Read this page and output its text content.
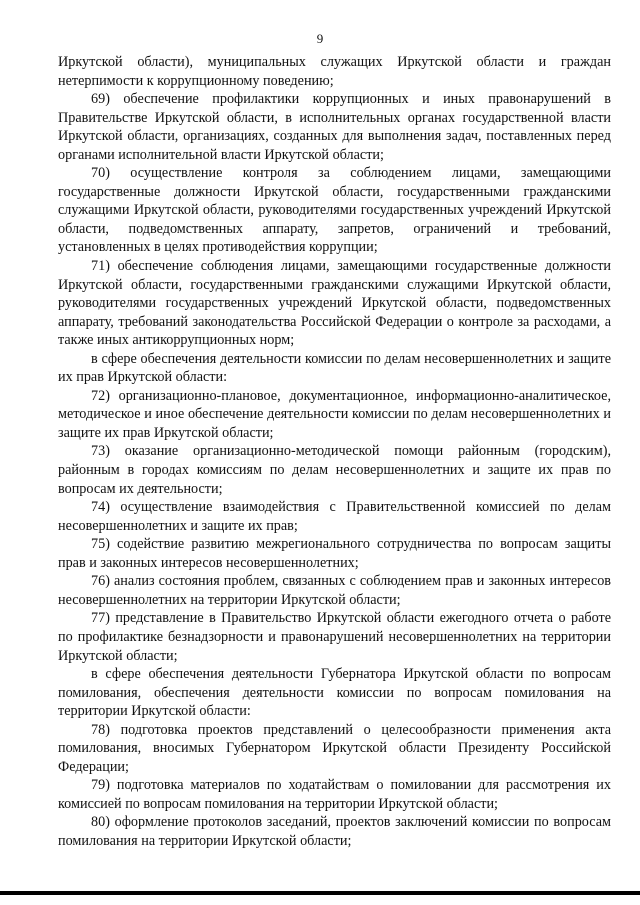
9

Иркутской области), муниципальных служащих Иркутской области и граждан нетерпимости к коррупционному поведению;

69) обеспечение профилактики коррупционных и иных правонарушений в Правительстве Иркутской области, в исполнительных органах государственной власти Иркутской области, организациях, созданных для выполнения задач, поставленных перед органами исполнительной власти Иркутской области;

70) осуществление контроля за соблюдением лицами, замещающими государственные должности Иркутской области, государственными гражданскими служащими Иркутской области, руководителями государственных учреждений Иркутской области, подведомственных аппарату, запретов, ограничений и требований, установленных в целях противодействия коррупции;

71) обеспечение соблюдения лицами, замещающими государственные должности Иркутской области, государственными гражданскими служащими Иркутской области, руководителями государственных учреждений Иркутской области, подведомственных аппарату, требований законодательства Российской Федерации о контроле за расходами, а также иных антикоррупционных норм;

в сфере обеспечения деятельности комиссии по делам несовершеннолетних и защите их прав Иркутской области:

72) организационно-плановое, документационное, информационно-аналитическое, методическое и иное обеспечение деятельности комиссии по делам несовершеннолетних и защите их прав Иркутской области;

73) оказание организационно-методической помощи районным (городским), районным в городах комиссиям по делам несовершеннолетних и защите их прав по вопросам их деятельности;

74) осуществление взаимодействия с Правительственной комиссией по делам несовершеннолетних и защите их прав;

75) содействие развитию межрегионального сотрудничества по вопросам защиты прав и законных интересов несовершеннолетних;

76) анализ состояния проблем, связанных с соблюдением прав и законных интересов несовершеннолетних на территории Иркутской области;

77) представление в Правительство Иркутской области ежегодного отчета о работе по профилактике безнадзорности и правонарушений несовершеннолетних на территории Иркутской области;

в сфере обеспечения деятельности Губернатора Иркутской области по вопросам помилования, обеспечения деятельности комиссии по вопросам помилования на территории Иркутской области:

78) подготовка проектов представлений о целесообразности применения акта помилования, вносимых Губернатором Иркутской области Президенту Российской Федерации;

79) подготовка материалов по ходатайствам о помиловании для рассмотрения их комиссией по вопросам помилования на территории Иркутской области;

80) оформление протоколов заседаний, проектов заключений комиссии по вопросам помилования на территории Иркутской области;
